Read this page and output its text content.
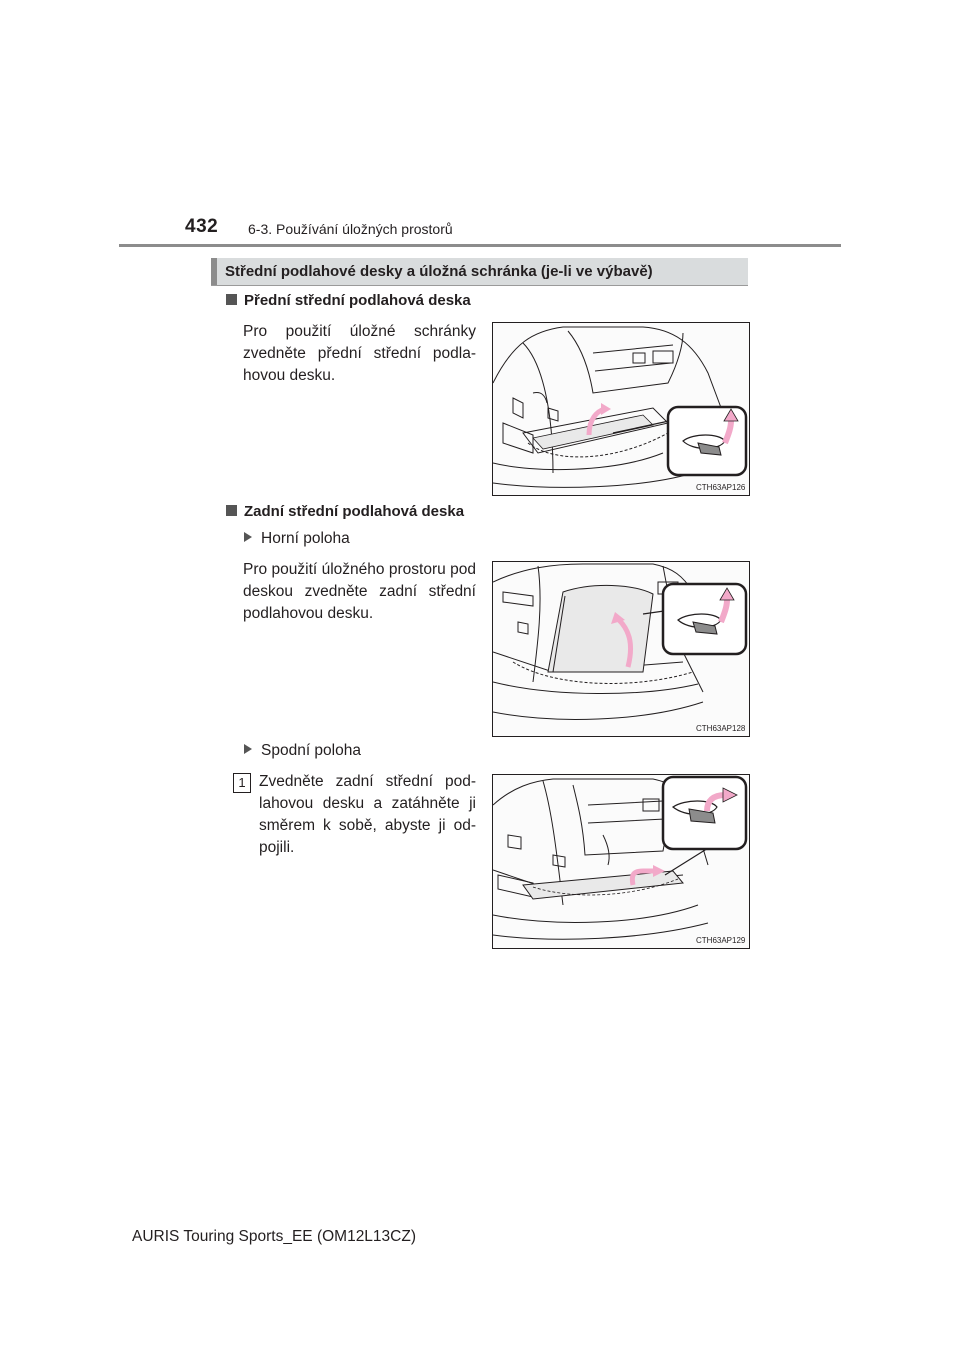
432 6-3. Používání úložných prostorů
Střední podlahové desky a úložná schránka (je-li ve výbavě)
Přední střední podlahová deska
Pro použití úložné schránky zvedněte přední střední podla-hovou desku.
CTH63AP126
Zadní střední podlahová deska
Horní poloha
Pro použití úložného prostoru pod deskou zvedněte zadní střední podlahovou desku.
CTH63AP128
Spodní poloha
1 Zvedněte zadní střední pod-lahovou desku a zatáhněte ji směrem k sobě, abyste ji od-pojili.
CTH63AP129
AURIS Touring Sports_EE (OM12L13CZ)
